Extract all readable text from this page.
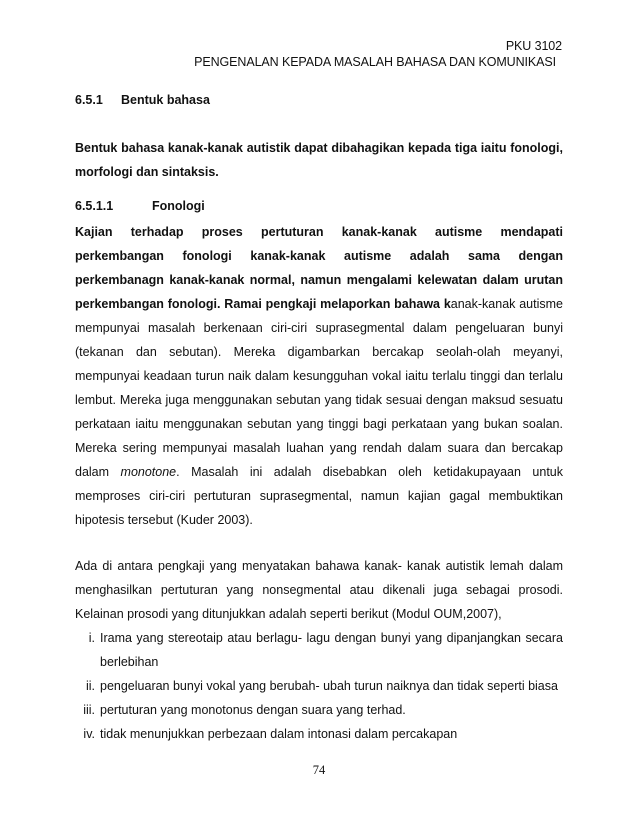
PKU 3102
PENGENALAN KEPADA MASALAH BAHASA DAN KOMUNIKASI
6.5.1 Bentuk bahasa

Bentuk bahasa kanak-kanak autistik dapat dibahagikan kepada tiga iaitu fonologi, morfologi dan sintaksis.

6.5.1.1	Fonologi

Kajian terhadap proses pertuturan kanak-kanak autisme mendapati perkembangan fonologi kanak-kanak autisme adalah sama dengan perkembanagn kanak-kanak normal, namun mengalami kelewatan dalam urutan perkembangan fonologi. Ramai pengkaji melaporkan bahawa kanak-kanak autisme mempunyai masalah berkenaan ciri-ciri suprasegmental dalam pengeluaran bunyi (tekanan dan sebutan). Mereka digambarkan bercakap seolah-olah meyanyi, mempunyai keadaan turun naik dalam kesungguhan vokal iaitu terlalu tinggi dan terlalu lembut. Mereka juga menggunakan sebutan yang tidak sesuai dengan maksud sesuatu perkataan iaitu menggunakan sebutan yang tinggi bagi perkataan yang bukan soalan. Mereka sering mempunyai masalah luahan yang rendah dalam suara dan bercakap dalam monotone. Masalah ini adalah disebabkan oleh ketidakupayaan untuk memproses ciri-ciri pertuturan suprasegmental, namun kajian gagal membuktikan hipotesis tersebut (Kuder 2003).

Ada di antara pengkaji yang menyatakan bahawa kanak- kanak autistik lemah dalam menghasilkan pertuturan yang nonsegmental atau dikenali juga sebagai prosodi. Kelainan prosodi yang ditunjukkan adalah seperti berikut (Modul OUM,2007),

i. Irama yang stereotaip atau berlagu- lagu dengan bunyi yang dipanjangkan secara berlebihan
ii. pengeluaran bunyi vokal yang berubah- ubah turun naiknya dan tidak seperti biasa
iii. pertuturan yang monotonus dengan suara yang terhad.
iv. tidak menunjukkan perbezaan dalam intonasi dalam percakapan
74
